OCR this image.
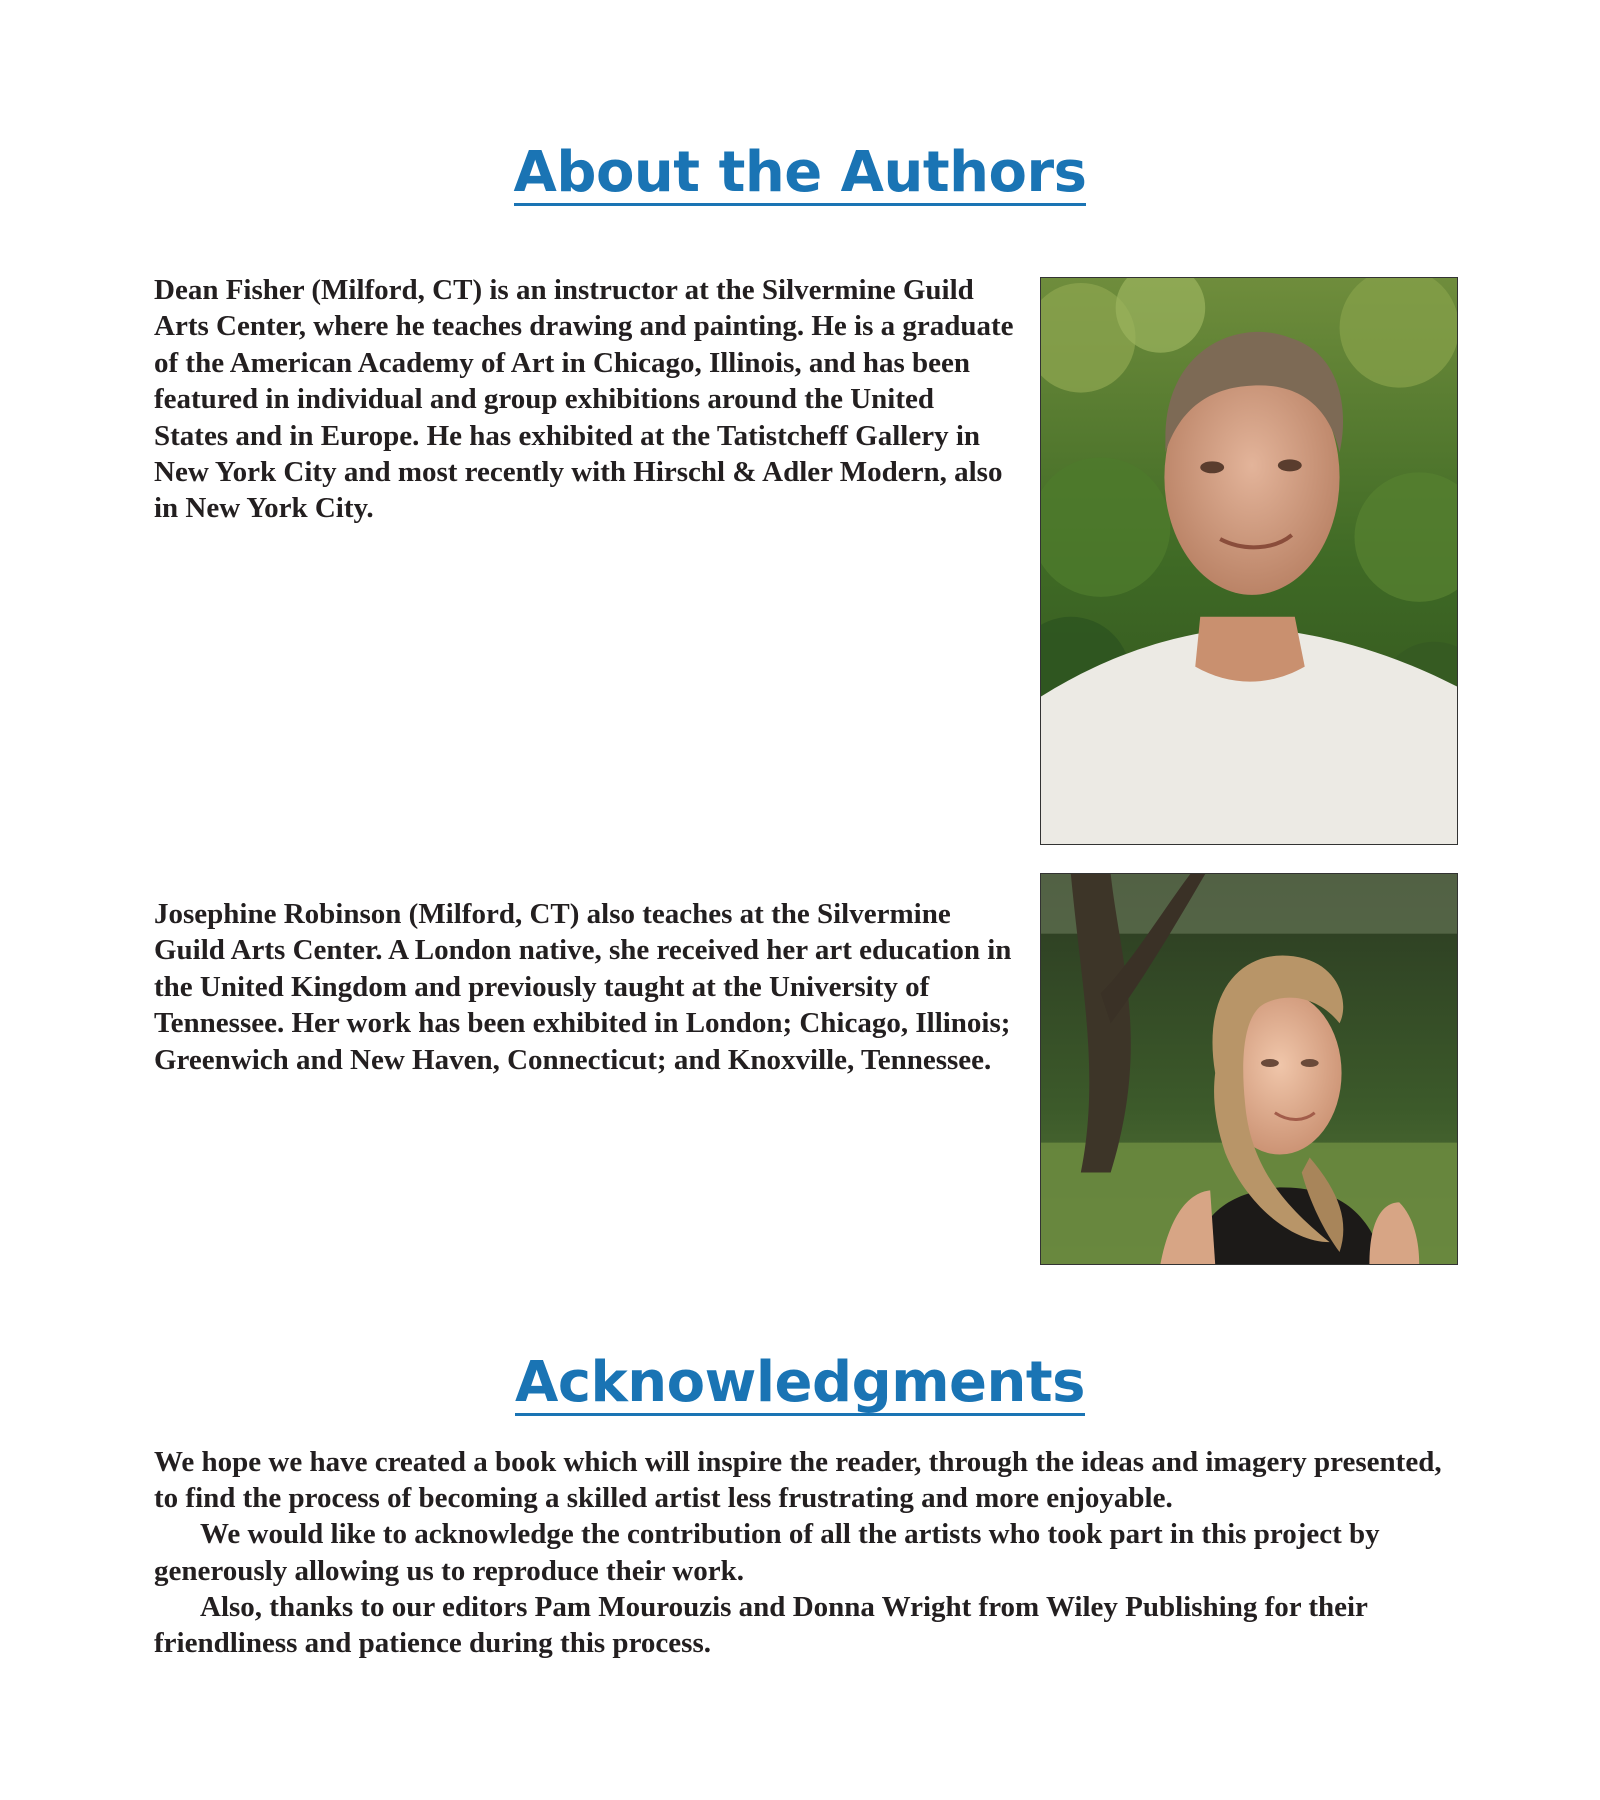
About the Authors

Dean Fisher (Milford, CT) is an instructor at the Silvermine Guild Arts Center, where he teaches drawing and painting. He is a graduate of the American Academy of Art in Chicago, Illinois, and has been featured in individual and group exhibitions around the United States and in Europe. He has exhibited at the Tatistcheff Gallery in New York City and most recently with Hirschl & Adler Modern, also in New York City.

Josephine Robinson (Milford, CT) also teaches at the Silvermine Guild Arts Center. A London native, she received her art education in the United Kingdom and previously taught at the University of Tennessee. Her work has been exhibited in London; Chicago, Illinois; Greenwich and New Haven, Connecticut; and Knoxville, Tennessee.

Acknowledgments

We hope we have created a book which will inspire the reader, through the ideas and imagery presented, to find the process of becoming a skilled artist less frustrating and more enjoyable.

We would like to acknowledge the contribution of all the artists who took part in this project by generously allowing us to reproduce their work.

Also, thanks to our editors Pam Mourouzis and Donna Wright from Wiley Publishing for their friendliness and patience during this process.
